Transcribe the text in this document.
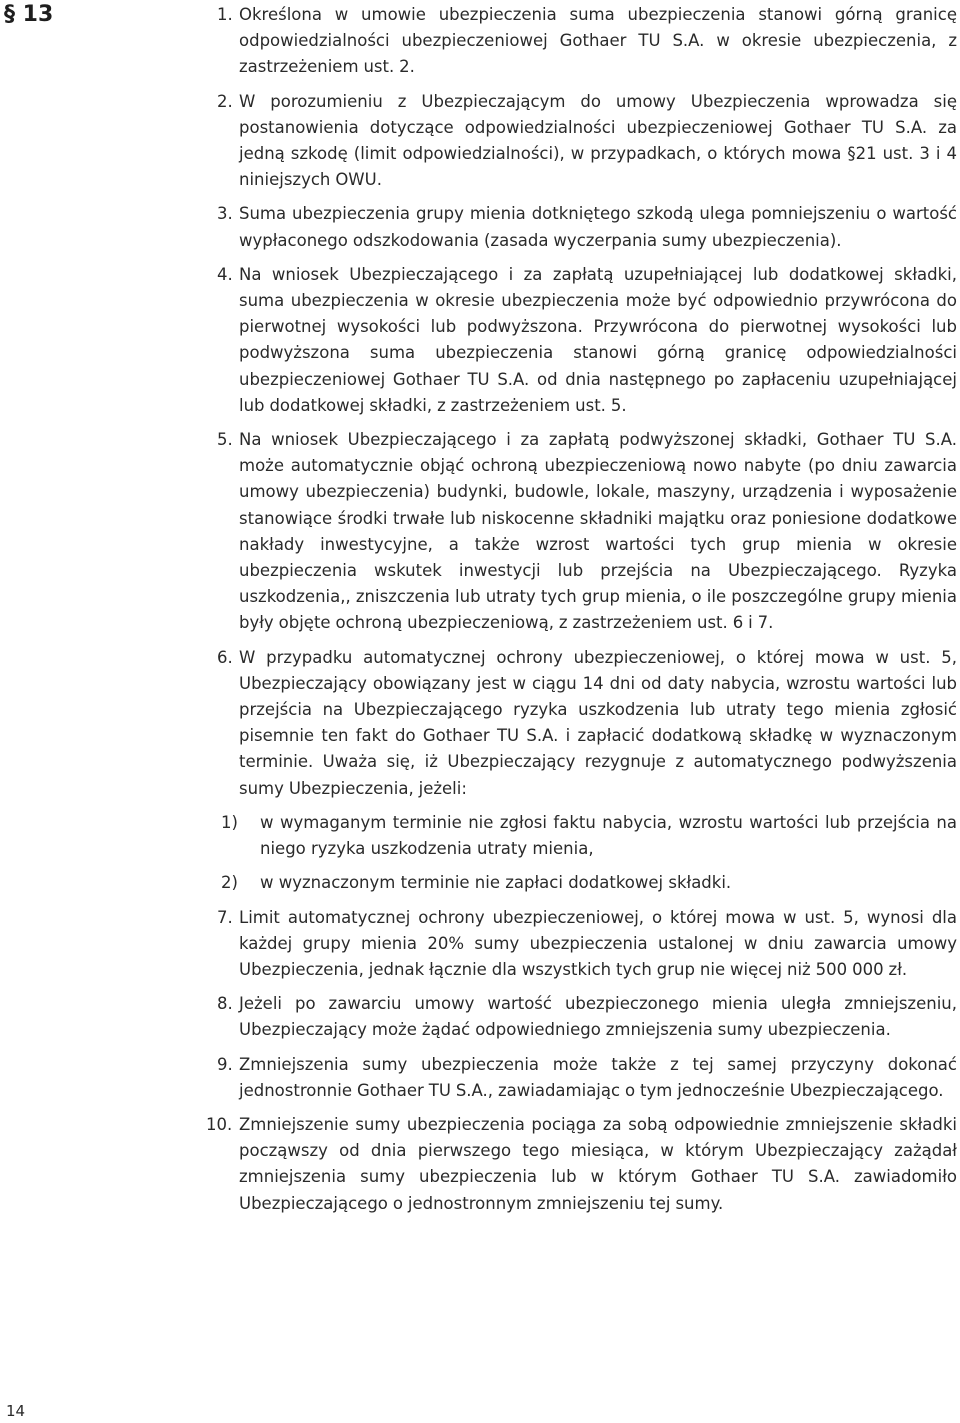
§ 13	1. Określona w umowie ubezpieczenia suma ubezpieczenia stanowi górną granicę odpowiedzialności ubezpieczeniowej Gothaer TU S.A. w okresie ubezpieczenia, z zastrzeżeniem ust. 2.
2. W porozumieniu z Ubezpieczającym do umowy Ubezpieczenia wprowadza się postanowienia dotyczące odpowiedzialności ubezpieczeniowej Gothaer TU S.A. za jedną szkodę (limit odpowiedzialności), w przypadkach, o których mowa §21 ust. 3 i 4 niniejszych OWU.
3. Suma ubezpieczenia grupy mienia dotkniętego szkodą ulega pomniejszeniu o wartość wypłaconego odszkodowania (zasada wyczerpania sumy ubezpieczenia).
4. Na wniosek Ubezpieczającego i za zapłatą uzupełniającej lub dodatkowej składki, suma ubezpieczenia w okresie ubezpieczenia może być odpowiednio przywrócona do pierwotnej wysokości lub podwyższona. Przywrócona do pierwotnej wysokości lub podwyższona suma ubezpieczenia stanowi górną granicę odpowiedzialności ubezpieczeniowej Gothaer TU S.A. od dnia następnego po zapłaceniu uzupełniającej lub dodatkowej składki, z zastrzeżeniem ust. 5.
5. Na wniosek Ubezpieczającego i za zapłatą podwyższonej składki, Gothaer TU S.A. może automatycznie objąć ochroną ubezpieczeniową nowo nabyte (po dniu zawarcia umowy ubezpieczenia) budynki, budowle, lokale, maszyny, urządzenia i wyposażenie stanowiące środki trwałe lub niskocenne składniki majątku oraz poniesione dodatkowe nakłady inwestycyjne, a także wzrost wartości tych grup mienia w okresie ubezpieczenia wskutek inwestycji lub przejścia na Ubezpieczającego. Ryzyka uszkodzenia,, zniszczenia lub utraty tych grup mienia, o ile poszczególne grupy mienia były objęte ochroną ubezpieczeniową, z zastrzeżeniem ust. 6 i 7.
6. W przypadku automatycznej ochrony ubezpieczeniowej, o której mowa w ust. 5, Ubezpieczający obowiązany jest w ciągu 14 dni od daty nabycia, wzrostu wartości lub przejścia na Ubezpieczającego ryzyka uszkodzenia lub utraty tego mienia zgłosić pisemnie ten fakt do Gothaer TU S.A. i zapłacić dodatkową składkę w wyznaczonym terminie. Uważa się, iż Ubezpieczający rezygnuje z automatycznego podwyższenia sumy Ubezpieczenia, jeżeli:
1) w wymaganym terminie nie zgłosi faktu nabycia, wzrostu wartości lub przejścia na niego ryzyka uszkodzenia utraty mienia,
2) w wyznaczonym terminie nie zapłaci dodatkowej składki.
7. Limit automatycznej ochrony ubezpieczeniowej, o której mowa w ust. 5, wynosi dla każdej grupy mienia 20% sumy ubezpieczenia ustalonej w dniu zawarcia umowy Ubezpieczenia, jednak łącznie dla wszystkich tych grup nie więcej niż 500 000 zł.
8. Jeżeli po zawarciu umowy wartość ubezpieczonego mienia uległa zmniejszeniu, Ubezpieczający może żądać odpowiedniego zmniejszenia sumy ubezpieczenia.
9. Zmniejszenia sumy ubezpieczenia może także z tej samej przyczyny dokonać jednostronnie Gothaer TU S.A., zawiadamiając o tym jednocześnie Ubezpieczającego.
10. Zmniejszenie sumy ubezpieczenia pociąga za sobą odpowiednie zmniejszenie składki począwszy od dnia pierwszego tego miesiąca, w którym Ubezpieczający zażądał zmniejszenia sumy ubezpieczenia lub w którym Gothaer TU S.A. zawiadomiło Ubezpieczającego o jednostronnym zmniejszeniu tej sumy.
14
